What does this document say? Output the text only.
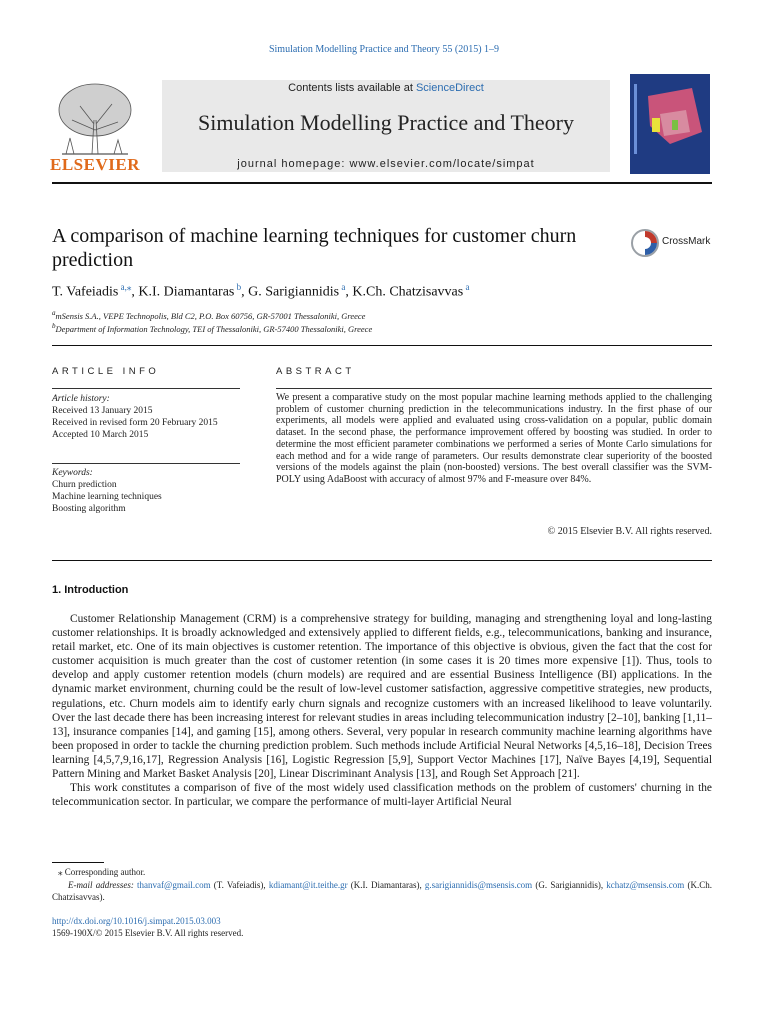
Simulation Modelling Practice and Theory 55 (2015) 1–9
ELSEVIER
Contents lists available at ScienceDirect
Simulation Modelling Practice and Theory
journal homepage: www.elsevier.com/locate/simpat
A comparison of machine learning techniques for customer churn prediction
CrossMark
T. Vafeiadis $^{a,⁎}$, K.I. Diamantaras $^b$, G. Sarigiannidis $^a$, K.Ch. Chatzisavvas $^a$
$^a$mSensis S.A., VEPE Technopolis, Bld C2, P.O. Box 60756, GR-57001 Thessaloniki, Greece
$^b$Department of Information Technology, TEI of Thessaloniki, GR-57400 Thessaloniki, Greece
ARTICLE INFO	ABSTRACT
Article history:
Received 13 January 2015
Received in revised form 20 February 2015
Accepted 10 March 2015
Keywords:
Churn prediction
Machine learning techniques
Boosting algorithm
We present a comparative study on the most popular machine learning methods applied to the challenging problem of customer churning prediction in the telecommunications industry. In the first phase of our experiments, all models were applied and evaluated using cross-validation on a popular, public domain dataset. In the second phase, the performance improvement offered by boosting was studied. In order to determine the most efficient parameter combinations we performed a series of Monte Carlo simulations for each method and for a wide range of parameters. Our results demonstrate clear superiority of the boosted versions of the models against the plain (non-boosted) versions. The best overall classifier was the SVM-POLY using AdaBoost with accuracy of almost 97% and F-measure over 84%.
© 2015 Elsevier B.V. All rights reserved.
1. Introduction

Customer Relationship Management (CRM) is a comprehensive strategy for building, managing and strengthening loyal and long-lasting customer relationships. It is broadly acknowledged and extensively applied to different fields, e.g., telecommunications, banking and insurance, retail market, etc. One of its main objectives is customer retention. The importance of this objective is obvious, given the fact that the cost for customer acquisition is much greater than the cost of customer retention (in some cases it is 20 times more expensive [1]). Thus, tools to develop and apply customer retention models (churn models) are required and are essential Business Intelligence (BI) applications. In the dynamic market environment, churning could be the result of low-level customer satisfaction, aggressive competitive strategies, new products, regulations, etc. Churn models aim to identify early churn signals and recognize customers with an increased likelihood to leave voluntarily. Over the last decade there has been increasing interest for relevant studies in areas including telecommunication industry [2–10], banking [1,11–13], insurance companies [14], and gaming [15], among others. Several, very popular in research community machine learning algorithms have been proposed in order to tackle the churning prediction problem. Such methods include Artificial Neural Networks [4,5,16–18], Decision Trees learning [4,5,7,9,16,17], Regression Analysis [16], Logistic Regression [5,9], Support Vector Machines [17], Naïve Bayes [4,19], Sequential Pattern Mining and Market Basket Analysis [20], Linear Discriminant Analysis [13], and Rough Set Approach [21].

This work constitutes a comparison of five of the most widely used classification methods on the problem of customers' churning in the telecommunication sector. In particular, we compare the performance of multi-layer Artificial Neural

⁎ Corresponding author.
E-mail addresses: thanvaf@gmail.com (T. Vafeiadis), kdiamant@it.teithe.gr (K.I. Diamantaras), g.sarigiannidis@msensis.com (G. Sarigiannidis), kchatz@msensis.com (K.Ch. Chatzisavvas).
http://dx.doi.org/10.1016/j.simpat.2015.03.003
1569-190X/© 2015 Elsevier B.V. All rights reserved.
